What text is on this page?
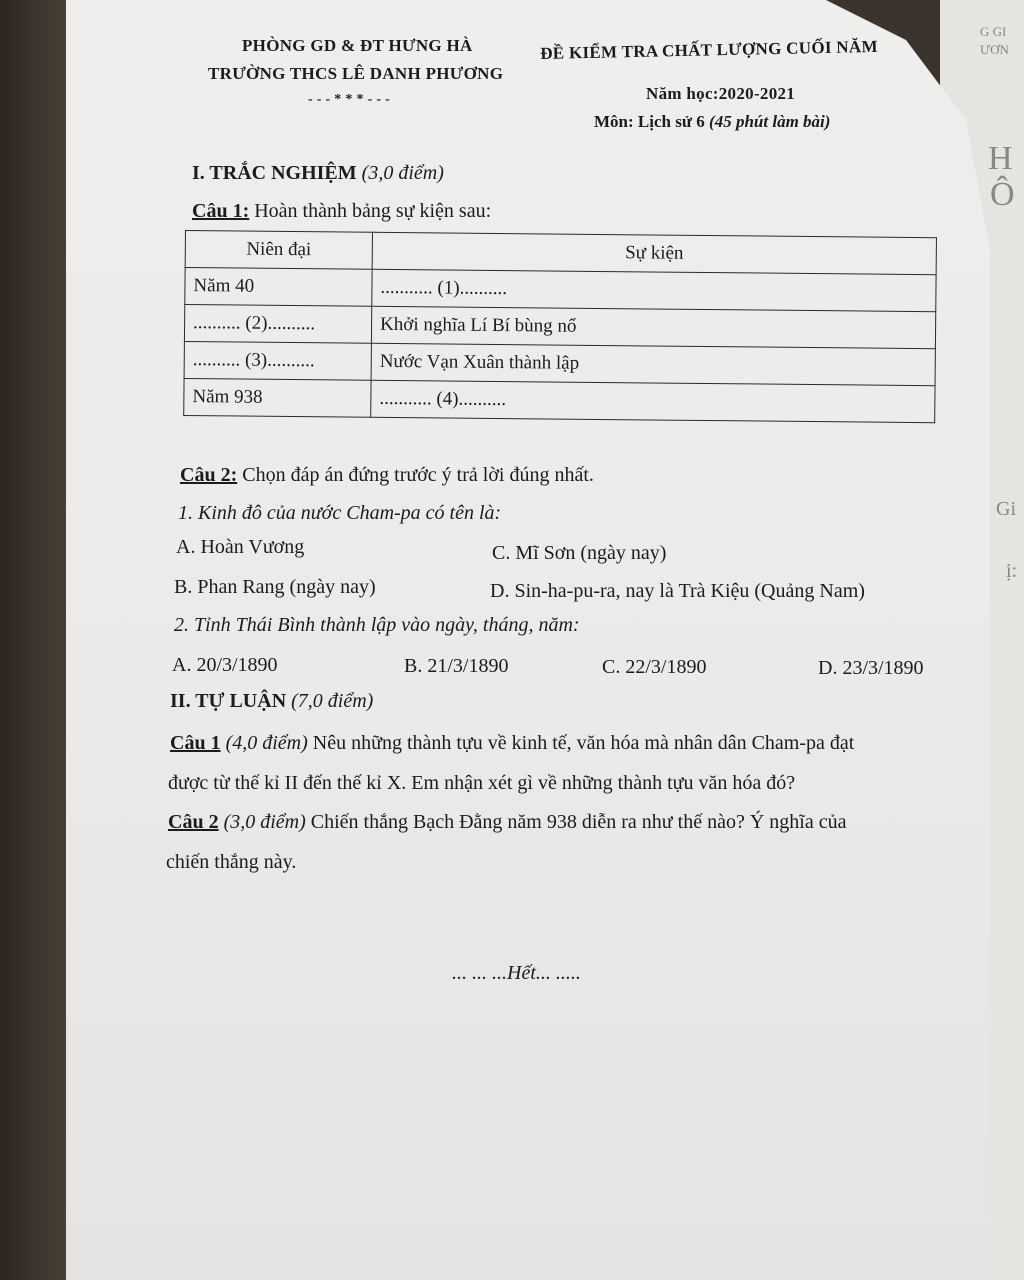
G GI
ƯƠN
H
Ô
Gi
ị:
PHÒNG GD & ĐT HƯNG HÀ
TRƯỜNG THCS LÊ DANH PHƯƠNG
- - - * * * - - -
ĐỀ KIỂM TRA CHẤT LƯỢNG CUỐI NĂM
Năm học:2020-2021
Môn: Lịch sử 6 (45 phút làm bài)
I. TRẮC NGHIỆM (3,0 điểm)
Câu 1: Hoàn thành bảng sự kiện sau:
Niên đại	Sự kiện
Năm 40	........... (1)..........
.......... (2)..........	Khởi nghĩa Lí Bí bùng nổ
.......... (3)..........	Nước Vạn Xuân thành lập
Năm 938	........... (4)..........
Câu 2: Chọn đáp án đứng trước ý trả lời đúng nhất.
1. Kinh đô của nước Cham-pa có tên là:
A. Hoàn Vương	C. Mĩ Sơn (ngày nay)
B. Phan Rang (ngày nay)	D. Sin-ha-pu-ra, nay là Trà Kiệu (Quảng Nam)
2. Tỉnh Thái Bình thành lập vào ngày, tháng, năm:
A. 20/3/1890	B. 21/3/1890	C. 22/3/1890	D. 23/3/1890
II. TỰ LUẬN (7,0 điểm)
Câu 1 (4,0 điểm) Nêu những thành tựu về kinh tế, văn hóa mà nhân dân Cham-pa đạt
được từ thế kỉ II đến thế kỉ X. Em nhận xét gì về những thành tựu văn hóa đó?
Câu 2 (3,0 điểm) Chiến thắng Bạch Đằng năm 938 diễn ra như thế nào? Ý nghĩa của
chiến thắng này.
... ... ...Hết... .....
